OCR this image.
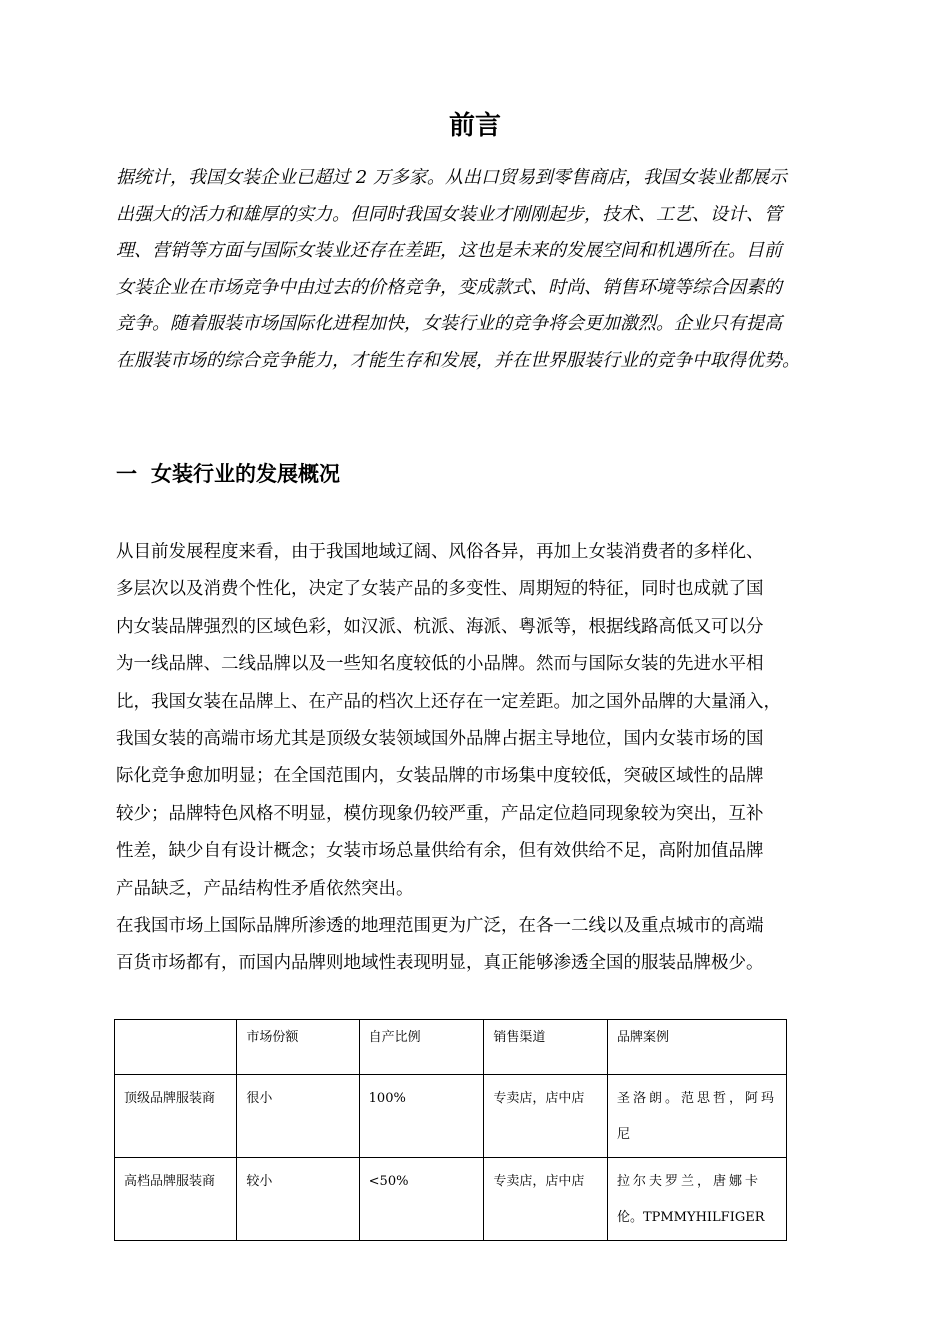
前言
据统计，我国女装企业已超过 2 万多家。从出口贸易到零售商店，我国女装业都展示
出强大的活力和雄厚的实力。但同时我国女装业才刚刚起步，技术、工艺、设计、管
理、营销等方面与国际女装业还存在差距，这也是未来的发展空间和机遇所在。目前
女装企业在市场竞争中由过去的价格竞争，变成款式、时尚、销售环境等综合因素的
竞争。随着服装市场国际化进程加快，女装行业的竞争将会更加激烈。企业只有提高
在服装市场的综合竞争能力，才能生存和发展，并在世界服装行业的竞争中取得优势。
一 女装行业的发展概况
从目前发展程度来看，由于我国地域辽阔、风俗各异，再加上女装消费者的多样化、
多层次以及消费个性化，决定了女装产品的多变性、周期短的特征，同时也成就了国
内女装品牌强烈的区域色彩，如汉派、杭派、海派、粤派等，根据线路高低又可以分
为一线品牌、二线品牌以及一些知名度较低的小品牌。然而与国际女装的先进水平相
比，我国女装在品牌上、在产品的档次上还存在一定差距。加之国外品牌的大量涌入，
我国女装的高端市场尤其是顶级女装领域国外品牌占据主导地位，国内女装市场的国
际化竞争愈加明显；在全国范围内，女装品牌的市场集中度较低，突破区域性的品牌
较少；品牌特色风格不明显，模仿现象仍较严重，产品定位趋同现象较为突出，互补
性差，缺少自有设计概念；女装市场总量供给有余，但有效供给不足，高附加值品牌
产品缺乏，产品结构性矛盾依然突出。
在我国市场上国际品牌所渗透的地理范围更为广泛，在各一二线以及重点城市的高端
百货市场都有，而国内品牌则地域性表现明显，真正能够渗透全国的服装品牌极少。
	市场份额	自产比例	销售渠道	品牌案例
顶级品牌服装商	很小	100%	专卖店，店中店	圣洛朗。范思哲，阿玛
尼

高档品牌服装商	较小	<50%	专卖店，店中店	拉尔夫罗兰，唐娜卡
伦。TPMMYHILFIGER
